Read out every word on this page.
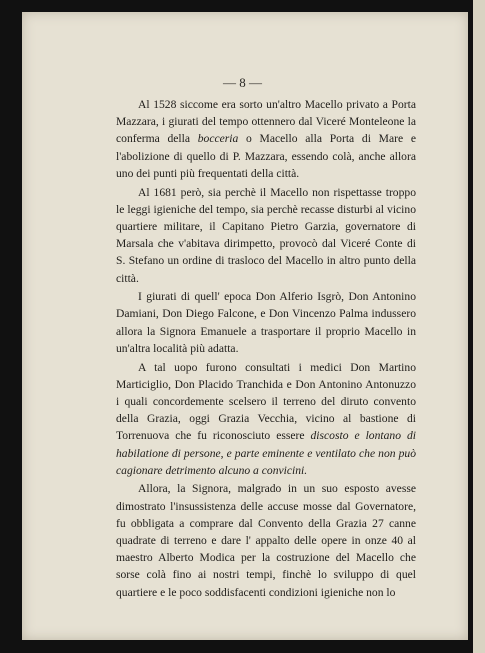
— 8 —

Al 1528 siccome era sorto un'altro Macello privato a Porta Mazzara, i giurati del tempo ottennero dal Viceré Monteleone la conferma della bocceria o Macello alla Porta di Mare e l'abolizione di quello di P. Mazzara, essendo colà, anche allora uno dei punti più frequentati della città.

Al 1681 però, sia perchè il Macello non rispettasse troppo le leggi igieniche del tempo, sia perchè recasse disturbi al vicino quartiere militare, il Capitano Pietro Garzia, governatore di Marsala che v'abitava dirimpetto, provocò dal Viceré Conte di S. Stefano un ordine di trasloco del Macello in altro punto della città.

I giurati di quell' epoca Don Alferio Isgrò, Don Antonino Damiani, Don Diego Falcone, e Don Vincenzo Palma indussero allora la Signora Emanuele a trasportare il proprio Macello in un'altra località più adatta.

A tal uopo furono consultati i medici Don Martino Marticiglio, Don Placido Tranchida e Don Antonino Antonuzzo i quali concordemente scelsero il terreno del diruto convento della Grazia, oggi Grazia Vecchia, vicino al bastione di Torrenuova che fu riconosciuto essere discosto e lontano di habilatione di persone, e parte eminente e ventilato che non può cagionare detrimento alcuno a convicini.

Allora, la Signora, malgrado in un suo esposto avesse dimostrato l'insussistenza delle accuse mosse dal Governatore, fu obbligata a comprare dal Convento della Grazia 27 canne quadrate di terreno e dare l' appalto delle opere in onze 40 al maestro Alberto Modica per la costruzione del Macello che sorse colà fino ai nostri tempi, finchè lo sviluppo di quel quartiere e le poco soddisfacenti condizioni igieniche non lo
